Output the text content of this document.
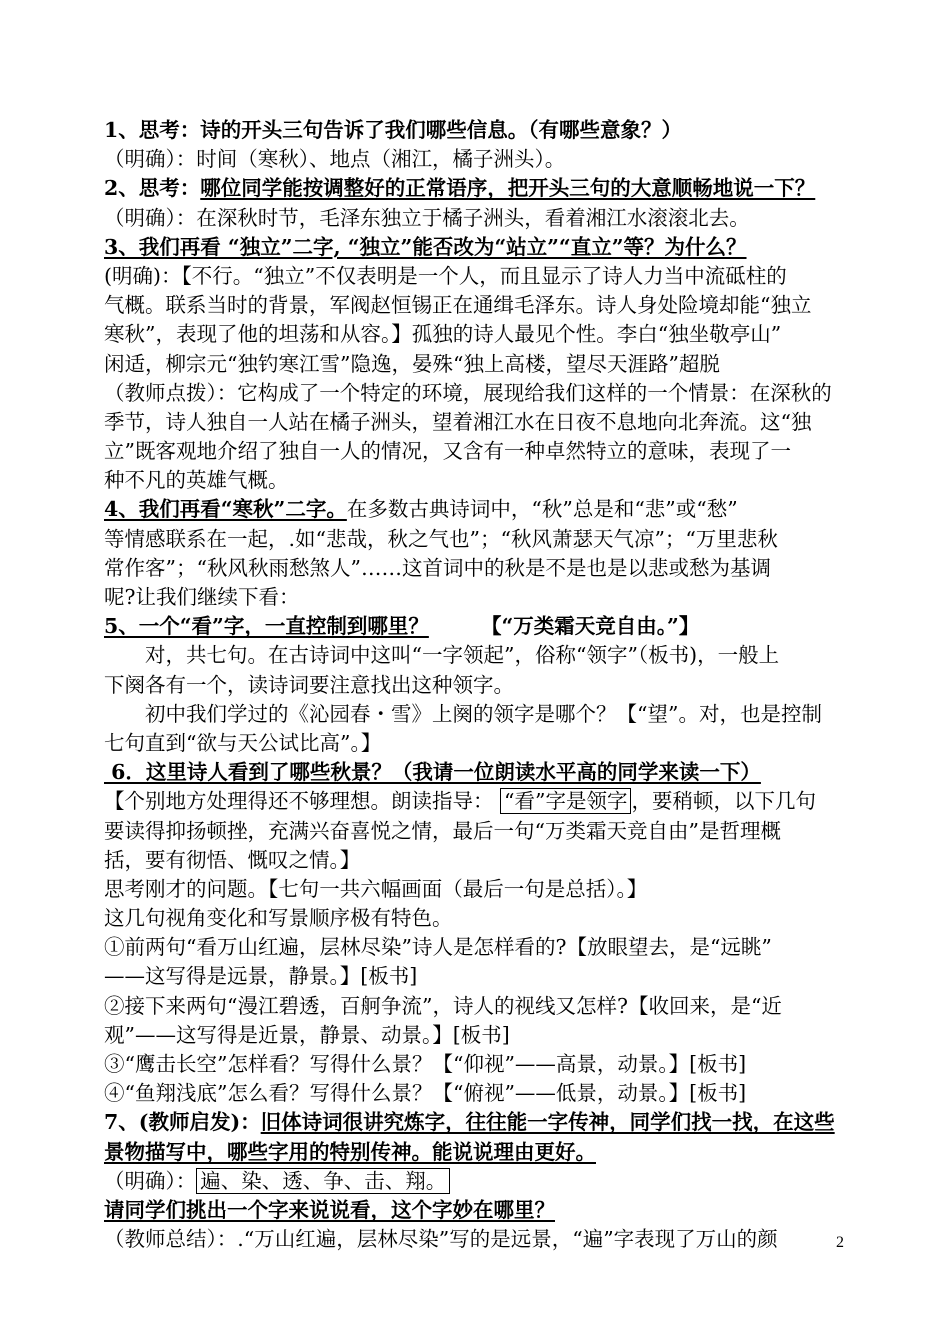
1、思考：诗的开头三句告诉了我们哪些信息。（有哪些意象？）
（明确）：时间（寒秋）、地点（湘江，橘子洲头）。
2、思考：哪位同学能按调整好的正常语序，把开头三句的大意顺畅地说一下？
（明确）：在深秋时节，毛泽东独立于橘子洲头，看着湘江水滚滚北去。
3、我们再看 “独立”二字, “独立”能否改为“站立”“直立”等？为什么？
(明确)：【不行。“独立”不仅表明是一个人，而且显示了诗人力当中流砥柱的
气概。联系当时的背景，军阀赵恒锡正在通缉毛泽东。诗人身处险境却能“独立
寒秋”，表现了他的坦荡和从容。】孤独的诗人最见个性。李白“独坐敬亭山”
闲适，柳宗元“独钓寒江雪”隐逸，晏殊“独上高楼，望尽天涯路”超脱
（教师点拨）：它构成了一个特定的环境，展现给我们这样的一个情景：在深秋的
季节，诗人独自一人站在橘子洲头，望着湘江水在日夜不息地向北奔流。这“独
立”既客观地介绍了独自一人的情况，又含有一种卓然特立的意味，表现了一
种不凡的英雄气概。
4、我们再看“寒秋”二字。在多数古典诗词中，“秋”总是和“悲”或“愁”
等情感联系在一起，.如“悲哉，秋之气也”；“秋风萧瑟天气凉”；“万里悲秋
常作客”；“秋风秋雨愁煞人”……这首词中的秋是不是也是以悲或愁为基调
呢?让我们继续下看：
5、一个“看”字，一直控制到哪里？	【“万类霜天竞自由。”】
对，共七句。在古诗词中这叫“一字领起”，俗称“领字”（板书)，一般上
下阕各有一个，读诗词要注意找出这种领字。
初中我们学过的《沁园春・雪》上阕的领字是哪个？【“望”。对，也是控制
七句直到“欲与天公试比高”。】
6．这里诗人看到了哪些秋景？（我请一位朗读水平高的同学来读一下）
【个别地方处理得还不够理想。朗读指导： “看”字是领字 ，要稍顿，以下几句
要读得抑扬顿挫，充满兴奋喜悦之情，最后一句“万类霜天竞自由”是哲理概
括，要有彻悟、慨叹之情。】
思考刚才的问题。【七句一共六幅画面（最后一句是总括）。】
这几句视角变化和写景顺序极有特色。
①前两句“看万山红遍，层林尽染”诗人是怎样看的?【放眼望去，是“远眺”
——这写得是远景，静景。】[板书]
②接下来两句“漫江碧透，百舸争流”，诗人的视线又怎样?【收回来，是“近
观”——这写得是近景，静景、动景。】[板书]
③“鹰击长空”怎样看？写得什么景？【“仰视”——高景，动景。】[板书]
④“鱼翔浅底”怎么看？写得什么景？【“俯视”——低景，动景。】[板书]
7、(教师启发)：旧体诗词很讲究炼字，往往能一字传神，同学们找一找，在这些
景物描写中，哪些字用的特别传神。能说说理由更好。
（明确）： 遍、染、透、争、击、翔。
请同学们挑出一个字来说说看，这个字妙在哪里？
（教师总结）：.“万山红遍，层林尽染”写的是远景，“遍”字表现了万山的颜	2
